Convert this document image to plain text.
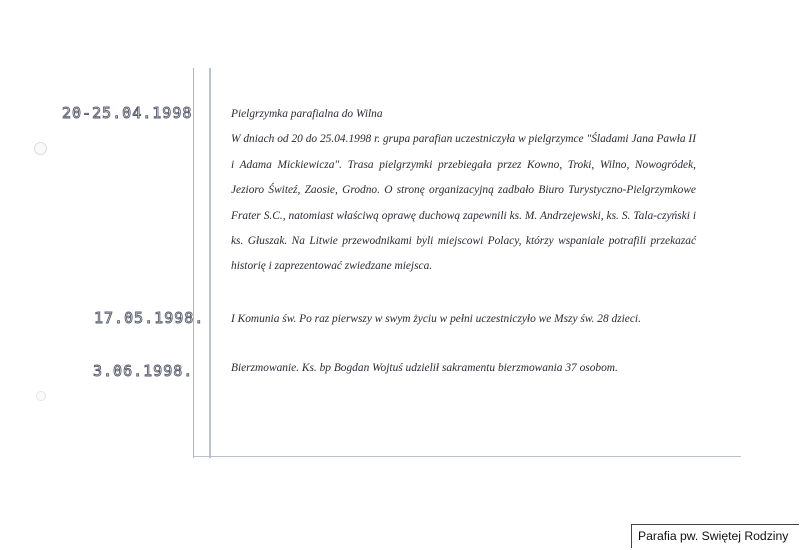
20-25.04.1998
17.05.1998.
3.06.1998.

Pielgrzymka parafialna do Wilna

W dniach od 20 do 25.04.1998 r. grupa parafian uczestniczyła w pielgrzymce "Śladami Jana Pawła II i Adama Mickiewicza". Trasa pielgrzymki przebiegała przez Kowno, Troki, Wilno, Nowogródek, Jezioro Świteź, Zaosie, Grodno. O stronę organizacyjną zadbało Biuro Turystyczno-Pielgrzymkowe Frater S.C., natomiast właściwą oprawę duchową zapewnili ks. M. Andrzejewski, ks. S. Tala-czyński i ks. Głuszak. Na Litwie przewodnikami byli miejscowi Polacy, którzy wspaniale potrafili przekazać historię i zaprezentować zwiedzane miejsca.

I Komunia św. Po raz pierwszy w swym życiu w pełni uczestniczyło we Mszy św. 28 dzieci.

Bierzmowanie. Ks. bp Bogdan Wojtuś udzielił sakramentu bierzmowania 37 osobom.

Parafia pw. Swiętej Rodziny
